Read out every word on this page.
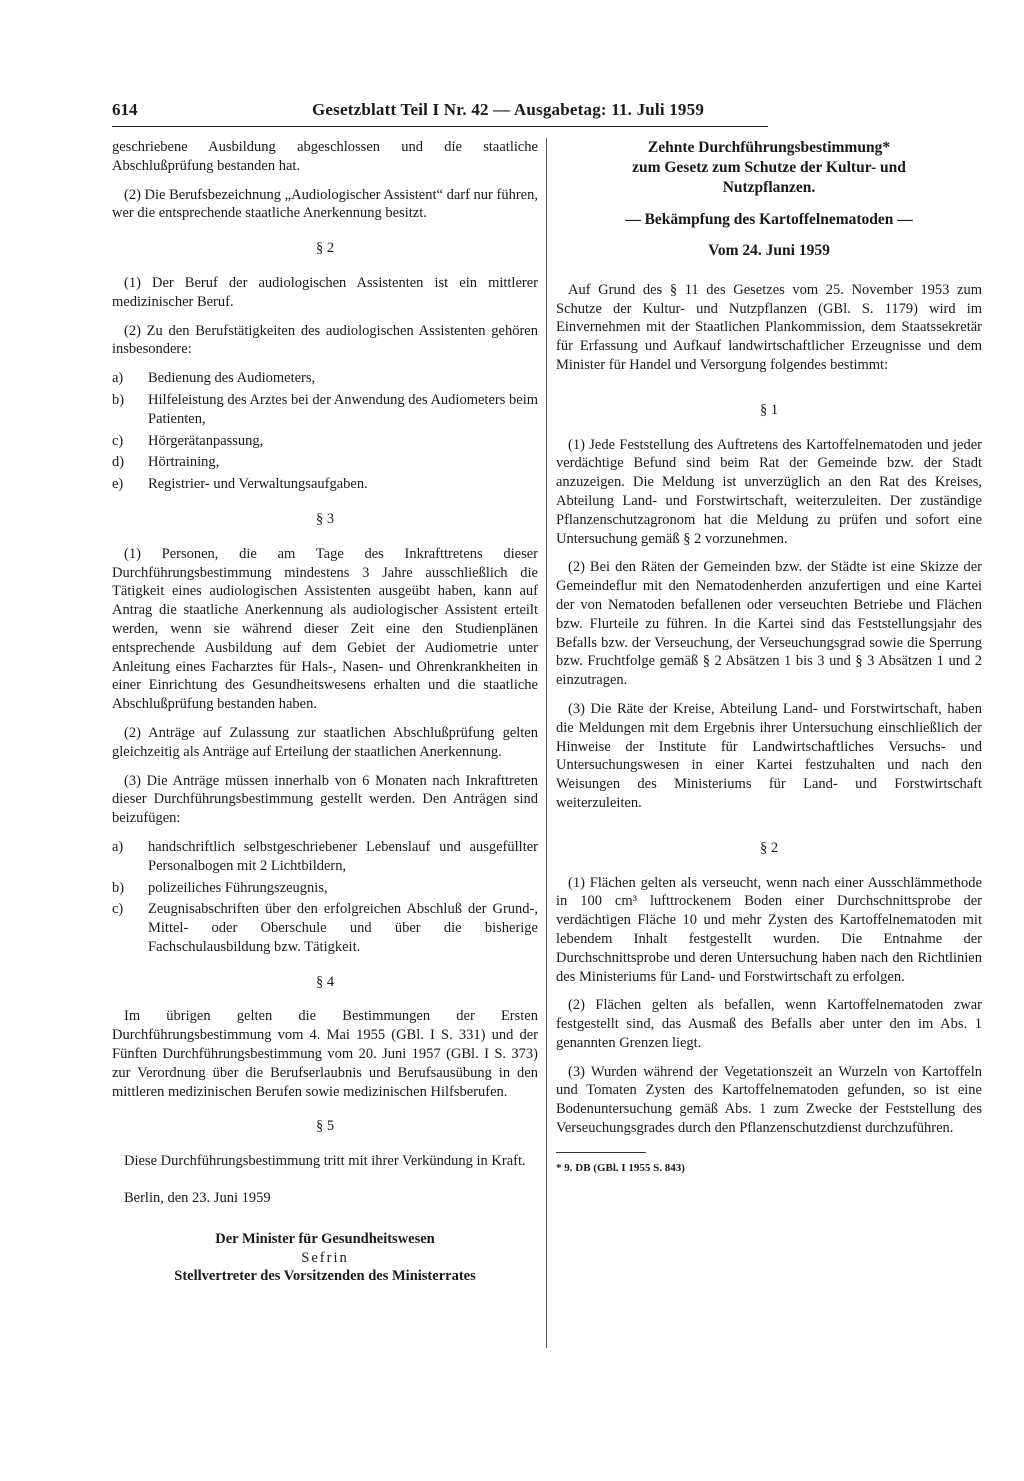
614	Gesetzblatt Teil I Nr. 42 — Ausgabetag: 11. Juli 1959

geschriebene Ausbildung abgeschlossen und die staatliche Abschlußprüfung bestanden hat.

(2) Die Berufsbezeichnung „Audiologischer Assistent“ darf nur führen, wer die entsprechende staatliche Anerkennung besitzt.

§ 2

(1) Der Beruf der audiologischen Assistenten ist ein mittlerer medizinischer Beruf.

(2) Zu den Berufstätigkeiten des audiologischen Assistenten gehören insbesondere:

a) Bedienung des Audiometers,
b) Hilfeleistung des Arztes bei der Anwendung des Audiometers beim Patienten,
c) Hörgerätanpassung,
d) Hörtraining,
e) Registrier- und Verwaltungsaufgaben.
§ 3

(1) Personen, die am Tage des Inkrafttretens dieser Durchführungsbestimmung mindestens 3 Jahre ausschließlich die Tätigkeit eines audiologischen Assistenten ausgeübt haben, kann auf Antrag die staatliche Anerkennung als audiologischer Assistent erteilt werden, wenn sie während dieser Zeit eine den Studienplänen entsprechende Ausbildung auf dem Gebiet der Audiometrie unter Anleitung eines Facharztes für Hals-, Nasen- und Ohrenkrankheiten in einer Einrichtung des Gesundheitswesens erhalten und die staatliche Abschlußprüfung bestanden haben.

(2) Anträge auf Zulassung zur staatlichen Abschlußprüfung gelten gleichzeitig als Anträge auf Erteilung der staatlichen Anerkennung.

(3) Die Anträge müssen innerhalb von 6 Monaten nach Inkrafttreten dieser Durchführungsbestimmung gestellt werden. Den Anträgen sind beizufügen:

a) handschriftlich selbstgeschriebener Lebenslauf und ausgefüllter Personalbogen mit 2 Lichtbildern,
b) polizeiliches Führungszeugnis,
c) Zeugnisabschriften über den erfolgreichen Abschluß der Grund-, Mittel- oder Oberschule und über die bisherige Fachschulausbildung bzw. Tätigkeit.
§ 4

Im übrigen gelten die Bestimmungen der Ersten Durchführungsbestimmung vom 4. Mai 1955 (GBl. I S. 331) und der Fünften Durchführungsbestimmung vom 20. Juni 1957 (GBl. I S. 373) zur Verordnung über die Berufserlaubnis und Berufsausübung in den mittleren medizinischen Berufen sowie medizinischen Hilfsberufen.

§ 5

Diese Durchführungsbestimmung tritt mit ihrer Verkündung in Kraft.

Berlin, den 23. Juni 1959

Der Minister für Gesundheitswesen
Sefrin
Stellvertreter des Vorsitzenden des Ministerrates
Zehnte Durchführungsbestimmung*
zum Gesetz zum Schutze der Kultur- und Nutzpflanzen.
— Bekämpfung des Kartoffelnematoden —
Vom 24. Juni 1959

Auf Grund des § 11 des Gesetzes vom 25. November 1953 zum Schutze der Kultur- und Nutzpflanzen (GBl. S. 1179) wird im Einvernehmen mit der Staatlichen Plankommission, dem Staatssekretär für Erfassung und Aufkauf landwirtschaftlicher Erzeugnisse und dem Minister für Handel und Versorgung folgendes bestimmt:

§ 1

(1) Jede Feststellung des Auftretens des Kartoffelnematoden und jeder verdächtige Befund sind beim Rat der Gemeinde bzw. der Stadt anzuzeigen. Die Meldung ist unverzüglich an den Rat des Kreises, Abteilung Land- und Forstwirtschaft, weiterzuleiten. Der zuständige Pflanzenschutzagronom hat die Meldung zu prüfen und sofort eine Untersuchung gemäß § 2 vorzunehmen.

(2) Bei den Räten der Gemeinden bzw. der Städte ist eine Skizze der Gemeindeflur mit den Nematodenherden anzufertigen und eine Kartei der von Nematoden befallenen oder verseuchten Betriebe und Flächen bzw. Flurteile zu führen. In die Kartei sind das Feststellungsjahr des Befalls bzw. der Verseuchung, der Verseuchungsgrad sowie die Sperrung bzw. Fruchtfolge gemäß § 2 Absätzen 1 bis 3 und § 3 Absätzen 1 und 2 einzutragen.

(3) Die Räte der Kreise, Abteilung Land- und Forstwirtschaft, haben die Meldungen mit dem Ergebnis ihrer Untersuchung einschließlich der Hinweise der Institute für Landwirtschaftliches Versuchs- und Untersuchungswesen in einer Kartei festzuhalten und nach den Weisungen des Ministeriums für Land- und Forstwirtschaft weiterzuleiten.

§ 2

(1) Flächen gelten als verseucht, wenn nach einer Ausschlämmethode in 100 cm³ lufttrockenem Boden einer Durchschnittsprobe der verdächtigen Fläche 10 und mehr Zysten des Kartoffelnematoden mit lebendem Inhalt festgestellt wurden. Die Entnahme der Durchschnittsprobe und deren Untersuchung haben nach den Richtlinien des Ministeriums für Land- und Forstwirtschaft zu erfolgen.

(2) Flächen gelten als befallen, wenn Kartoffelnematoden zwar festgestellt sind, das Ausmaß des Befalls aber unter den im Abs. 1 genannten Grenzen liegt.

(3) Wurden während der Vegetationszeit an Wurzeln von Kartoffeln und Tomaten Zysten des Kartoffelnematoden gefunden, so ist eine Bodenuntersuchung gemäß Abs. 1 zum Zwecke der Feststellung des Verseuchungsgrades durch den Pflanzenschutzdienst durchzuführen.

* 9. DB (GBl. I 1955 S. 843)
